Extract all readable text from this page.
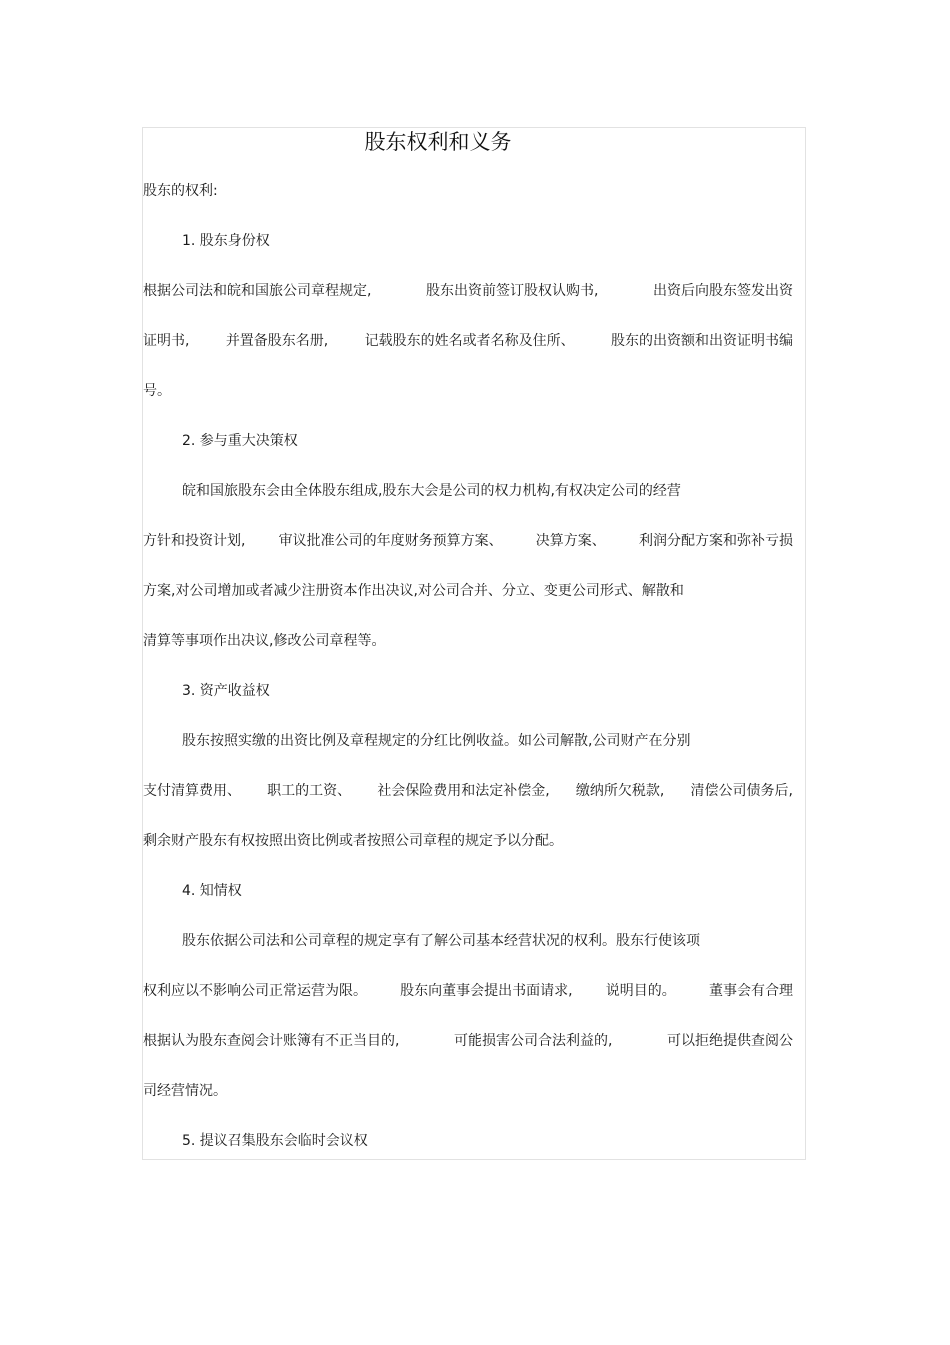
股东权利和义务
股东的权利:
1. 股东身份权
根据公司法和皖和国旅公司章程规定,	股东出资前签订股权认购书,	出资后向股东签发出资
证明书,	并置备股东名册,	记载股东的姓名或者名称及住所、	股东的出资额和出资证明书编
号。
2. 参与重大决策权
皖和国旅股东会由全体股东组成,股东大会是公司的权力机构,有权决定公司的经营
方针和投资计划, 审议批准公司的年度财务预算方案、 决算方案、 利润分配方案和弥补亏损
方案,对公司增加或者减少注册资本作出决议,对公司合并、分立、变更公司形式、解散和
清算等事项作出决议,修改公司章程等。
3. 资产收益权
股东按照实缴的出资比例及章程规定的分红比例收益。如公司解散,公司财产在分别
支付清算费用、 职工的工资、 社会保险费用和法定补偿金, 缴纳所欠税款, 清偿公司债务后,
剩余财产股东有权按照出资比例或者按照公司章程的规定予以分配。
4. 知情权
股东依据公司法和公司章程的规定享有了解公司基本经营状况的权利。股东行使该项
权利应以不影响公司正常运营为限。 股东向董事会提出书面请求, 说明目的。 董事会有合理
根据认为股东查阅会计账簿有不正当目的,	可能损害公司合法利益的,	可以拒绝提供查阅公
司经营情况。
5. 提议召集股东会临时会议权
